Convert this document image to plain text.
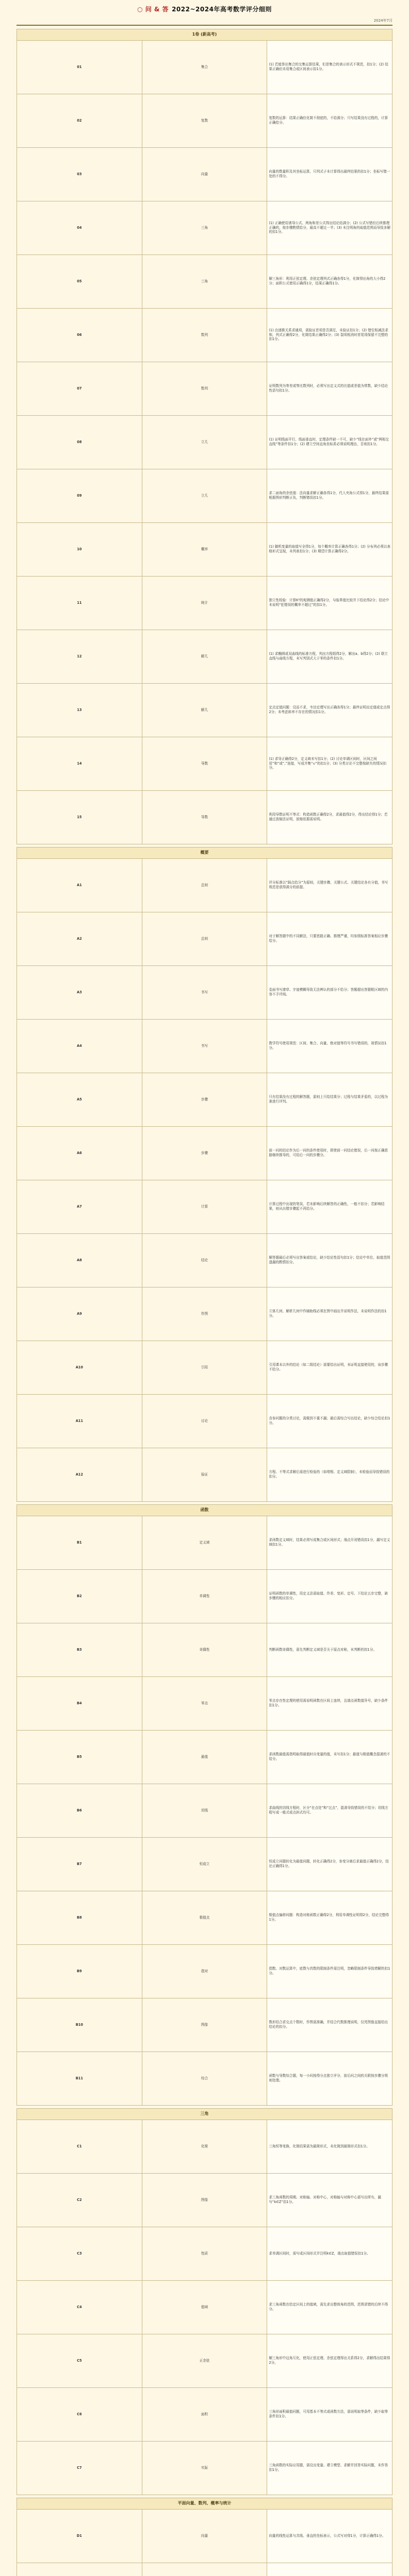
○ 问 & 答 2022~2024年高考数学评分细则
2024年7月

1卷 (新高考)		
01	集合	(1) 若能答出集合的交集运算结果，但是集合的表示形式不规范，扣1分；(2) 结果正确但未用集合或区间表示扣1分。
02	复数	复数的运算：结果正确但化简不彻底的，不给满分；只写结果没有过程的，计算正确给分。
03	向量	向量的数量积及其坐标运算，只列式子未计算得出最终结果的扣1分；坐标写错一处的不得分。
04	三角	(1) 正确使用诱导公式、两角和差公式得出结论给满分；(2) 公式写错但后续推理正确的，按步骤酌情给分，最高不超过一半；(3) 未注明角的取值范围而导致多解的扣1分。
05	三角	解三角形：利用正弦定理、余弦定理列式正确各得1分，化简得出角的大小得2分；面积公式使用正确得1分，结果正确得1分。
06	数列	(1) 由递推关系求通项，需验证首项是否满足，未验证扣1分；(2) 错位相减法求和，列式正确得2分，化简结果正确得2分；(3) 裂项相消时首尾项保留不完整的扣1分。
07	数列	证明数列为等差或等比数列时，必须写出定义式的比值或差值为常数，缺少结论性语句扣1分。
08	立几	(1) 证明线面平行、线面垂直时，定理条件缺一不可，缺少“线在面外”或“两相交直线”等条件扣1分；(2) 建立空间直角坐标系必须说明理由，否则扣1分。
09	立几	求二面角的余弦值：法向量求解正确各得1分，代入夹角公式得1分，最终结果需根据图形判断正负，判断错误扣1分。
10	概率	(1) 随机变量的取值写全得1分，每个概率计算正确各得1分；(2) 分布列必须以表格形式呈现，未列表扣1分；(3) 期望计算正确得2分。
11	统计	独立性检验：计算K²的观测值正确得2分，与临界值比较并下结论得2分；结论中未说明“犯错误的概率不超过”的扣1分。
12	解几	(1) 求椭圆或双曲线的标准方程，列出方程组得2分，解出a、b得2分；(2) 联立直线与曲线方程，未写判别式大于零的条件扣1分。
13	解几	定点定值问题：设而不求，韦达定理写出正确各得1分；最终证明出定值或定点得2分；未考虑斜率不存在的情况扣1分。
14	导数	(1) 求导正确得2分，定义域未写扣1分；(2) 讨论单调区间时，区间之间用“和”或“,”连接，写成并集“∪”的扣1分；(3) 分类讨论不完整按缺失的情况扣分。
15	导数	利用导数证明不等式：构造函数正确得2分，求最值得2分，得出结论得1分；若通过放缩法证明，放缩依据需说明。

概要		
A1	总则	评分标准以“踩点给分”为原则，关键步骤、关键公式、关键结论各有分值，书写规范是获得满分的前提。
A2	总则	对于解答题中的不同解法，只要思路正确、推理严谨，均参照标准答案相应步骤给分。
A3	书写	卷面书写潦草、字迹模糊导致无法辨认的部分不给分；答题超出答题框区域的内容不予评阅。
A4	书写	数学符号使用规范：区间、集合、向量、绝对值等符号书写错误的，视情况扣1分。
A5	步骤	只有结果没有过程的解答题，原则上只给结果分；过程与结果矛盾的，以过程为准进行评判。
A6	步骤	前一问的结论作为后一问的条件使用时，即使前一问结论错误，后一问按正确思路继续推导的，可给后一问的步骤分。
A7	计算	计算过程中出现的笔误，若未影响后续解答的正确性，一般不扣分；若影响结果，则从出错步骤起不再给分。
A8	结论	解答题最后必须写出答案或结论，缺少结论性语句扣1分；结论中单位、取值范围遗漏的酌情扣分。
A9	作图	立体几何、解析几何中作辅助线必须在图中画出并说明作法，未说明作法的扣1分。
A10	引用	引用课本以外的结论（如二级结论）需要给出证明，未证明直接使用的，该步骤不给分。
A11	讨论	含参问题的分类讨论，需做到不重不漏；最后需综合写出结论，缺少综合结论扣1分。
A12	验证	方程、不等式求解后需进行检验的（如增根、定义域限制），未检验而导致错误的扣分。

函数		
B1	定义域	求函数定义域时，结果必须写成集合或区间形式；端点开闭错误扣1分，漏写定义域扣1分。
B2	单调性	证明函数的单调性，用定义法需取值、作差、变形、定号、下结论五步完整，缺步骤的相应扣分。
B3	奇偶性	判断函数奇偶性，需先判断定义域是否关于原点对称，未判断的扣1分。
B4	零点	零点存在性定理的使用需说明函数在区间上连续，且端点函数值异号，缺少条件扣1分。
B5	最值	求函数最值需指明取得最值时自变量的值，未写扣1分；最值与极值概念混淆的不给分。
B6	切线	求曲线的切线方程时，区分“在点处”和“过点”，混淆导致错误的不给分；切线方程写成一般式或点斜式均可。
B7	恒成立	恒成立问题转化为最值问题，转化正确得2分，参变分离后求最值正确得2分，结论正确得1分。
B8	极值点	极值点偏移问题：构造对称函数正确得2分，利用单调性证明得2分，结论完整得1分。
B9	指对	指数、对数运算中，底数与真数的限制条件需注明，忽略限制条件导致增解的扣1分。
B10	图像	数形结合求交点个数时，作图需准确，并结合代数推理说明，仅凭图像直接给出结论的扣分。
B11	综合	函数与导数综合题，每一小问按得分点独立评分，前后问之间的关联按步骤分规则处理。

三角		
C1	化简	三角恒等变换，化简结果需为最简形式，未化简到最简形式扣1分。
C2	图像	求三角函数的周期、对称轴、对称中心，对称轴与对称中心需写出所有，漏写“k∈Z”扣1分。
C3	性质	求单调区间时，需写成区间形式并注明k∈Z，端点取值错误扣1分。
C4	值域	求三角函数在给定区间上的值域，需先求出整体角的范围，范围求错的后续不得分。
C5	正余弦	解三角形中边角互化，使用正弦定理、余弦定理得出关系得2分，求解得出结果得2分。
C6	面积	三角形面积最值问题，可用基本不等式或函数方法，需说明取等条件，缺少取等条件扣1分。
C7	实际	三角函数的实际应用题，需设出变量、建立模型、求解并回答实际问题，未作答扣1分。

平面向量、数列、概率与统计		
D1	向量	向量的线性运算与共线、垂直的坐标表示，公式写对得1分，计算正确得1分。
